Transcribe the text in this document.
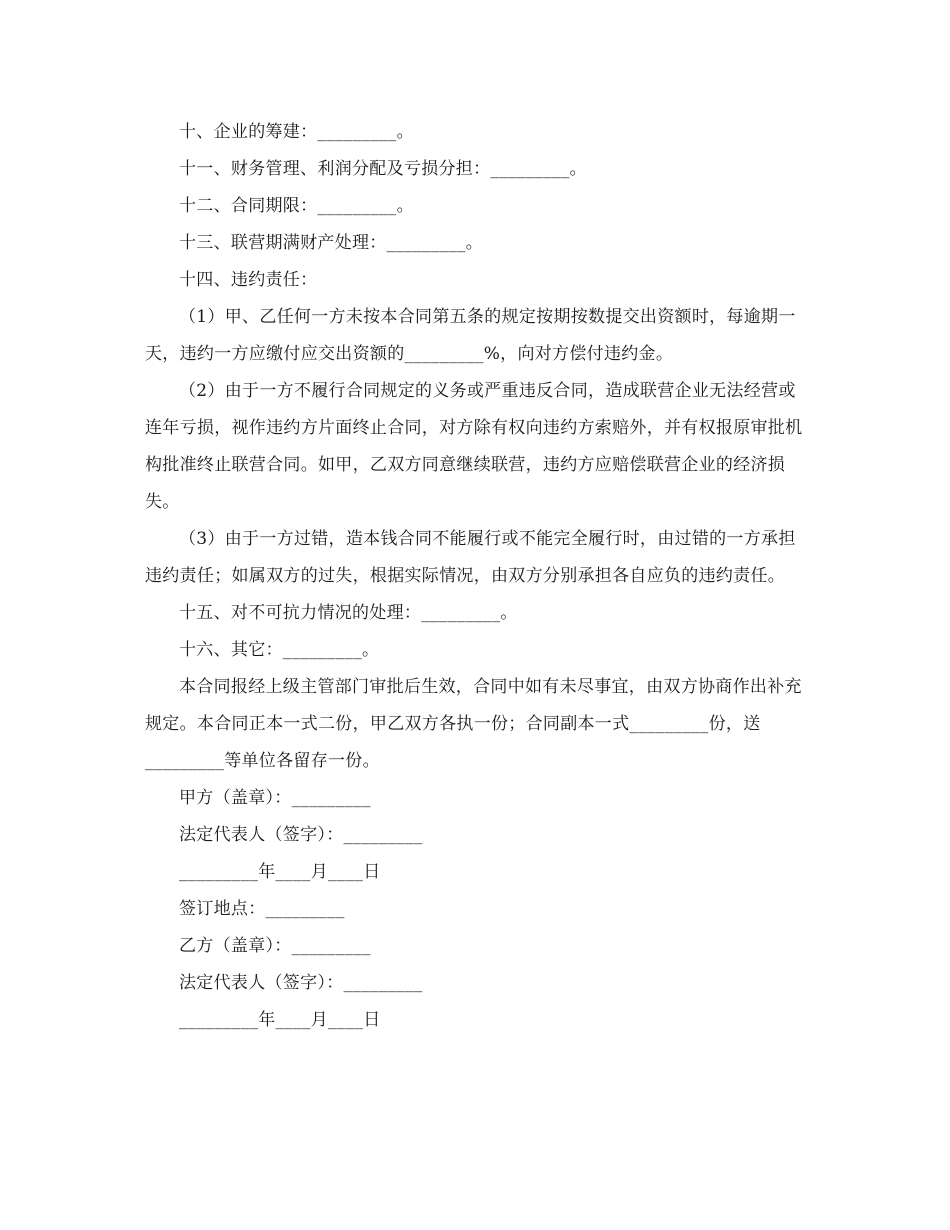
十、企业的筹建：_________。

十一、财务管理、利润分配及亏损分担：_________。

十二、合同期限：_________。

十三、联营期满财产处理：_________。

十四、违约责任：

（1）甲、乙任何一方未按本合同第五条的规定按期按数提交出资额时，每逾期一天，违约一方应缴付应交出资额的_________%，向对方偿付违约金。

（2）由于一方不履行合同规定的义务或严重违反合同，造成联营企业无法经营或连年亏损，视作违约方片面终止合同，对方除有权向违约方索赔外，并有权报原审批机构批准终止联营合同。如甲，乙双方同意继续联营，违约方应赔偿联营企业的经济损失。

（3）由于一方过错，造本钱合同不能履行或不能完全履行时，由过错的一方承担违约责任；如属双方的过失，根据实际情况，由双方分别承担各自应负的违约责任。

十五、对不可抗力情况的处理：_________。

十六、其它：_________。

本合同报经上级主管部门审批后生效，合同中如有未尽事宜，由双方协商作出补充规定。本合同正本一式二份，甲乙双方各执一份；合同副本一式_________份，送_________等单位各留存一份。

甲方（盖章）：_________

法定代表人（签字）：_________

_________年____月____日

签订地点：_________

乙方（盖章）：_________

法定代表人（签字）：_________

_________年____月____日
